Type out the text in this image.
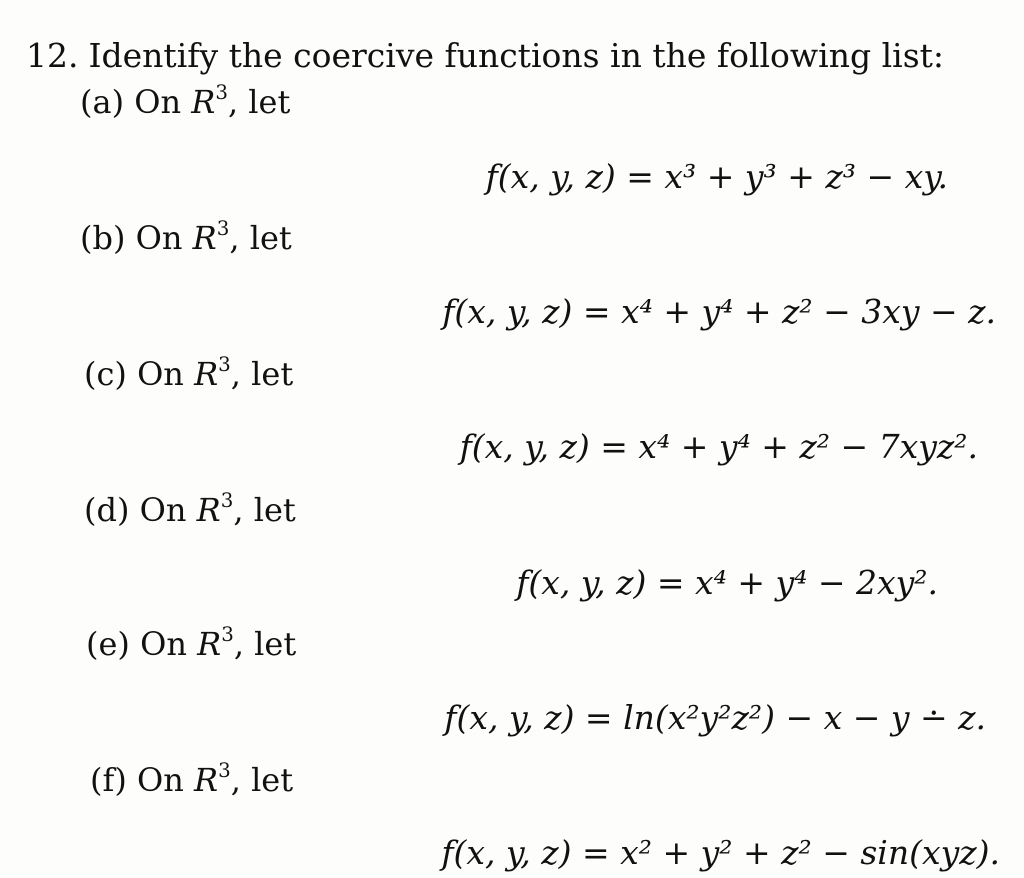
12. Identify the coercive functions in the following list:
(a) On $R^3$, let
f(x, y, z) = x³ + y³ + z³ − xy.
(b) On $R^3$, let
f(x, y, z) = x⁴ + y⁴ + z² − 3xy − z.
(c) On $R^3$, let
f(x, y, z) = x⁴ + y⁴ + z² − 7xyz².
(d) On $R^3$, let
f(x, y, z) = x⁴ + y⁴ − 2xy².
(e) On $R^3$, let
f(x, y, z) = ln(x²y²z²) − x − y ∸ z.
(f) On $R^3$, let
f(x, y, z) = x² + y² + z² − sin(xyz).
